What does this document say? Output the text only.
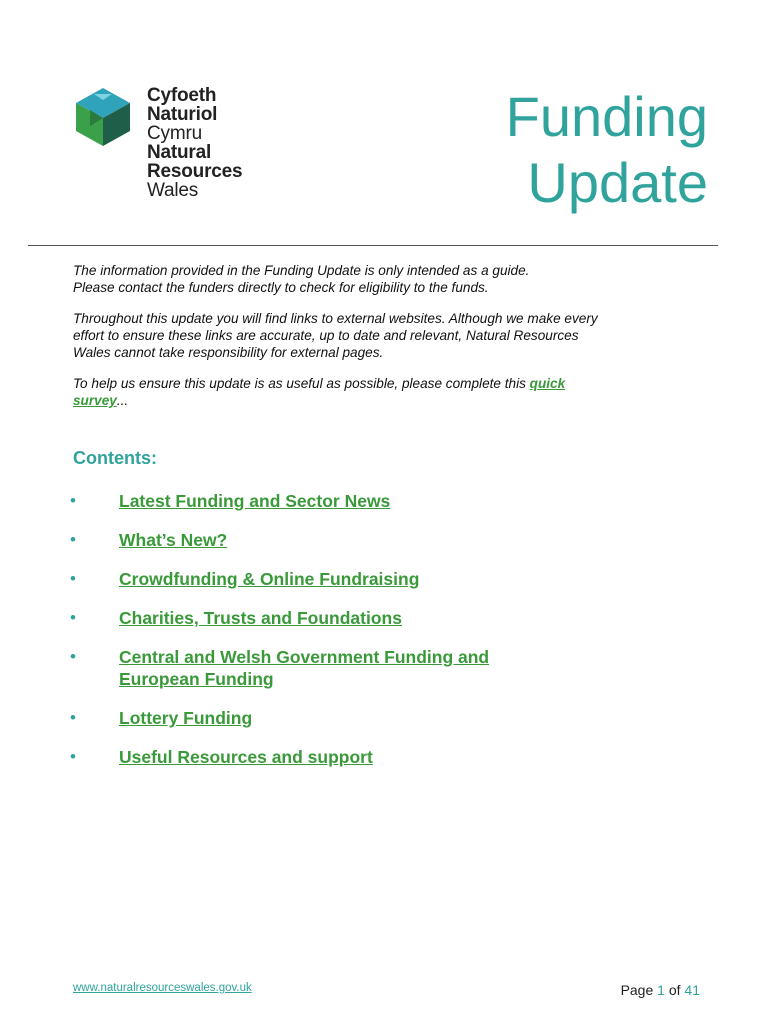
Cyfoeth
Naturiol
Cymru
Natural
Resources
Wales
Funding
Update

The information provided in the Funding Update is only intended as a guide.
Please contact the funders directly to check for eligibility to the funds.

Throughout this update you will find links to external websites. Although we make every
effort to ensure these links are accurate, up to date and relevant, Natural Resources
Wales cannot take responsibility for external pages.

To help us ensure this update is as useful as possible, please complete this quick
survey...

Contents:
• Latest Funding and Sector News
• What’s New?
• Crowdfunding & Online Fundraising
• Charities, Trusts and Foundations
• Central and Welsh Government Funding and
European Funding
• Lottery Funding
• Useful Resources and support
www.naturalresourceswales.gov.uk	Page 1 of 41
